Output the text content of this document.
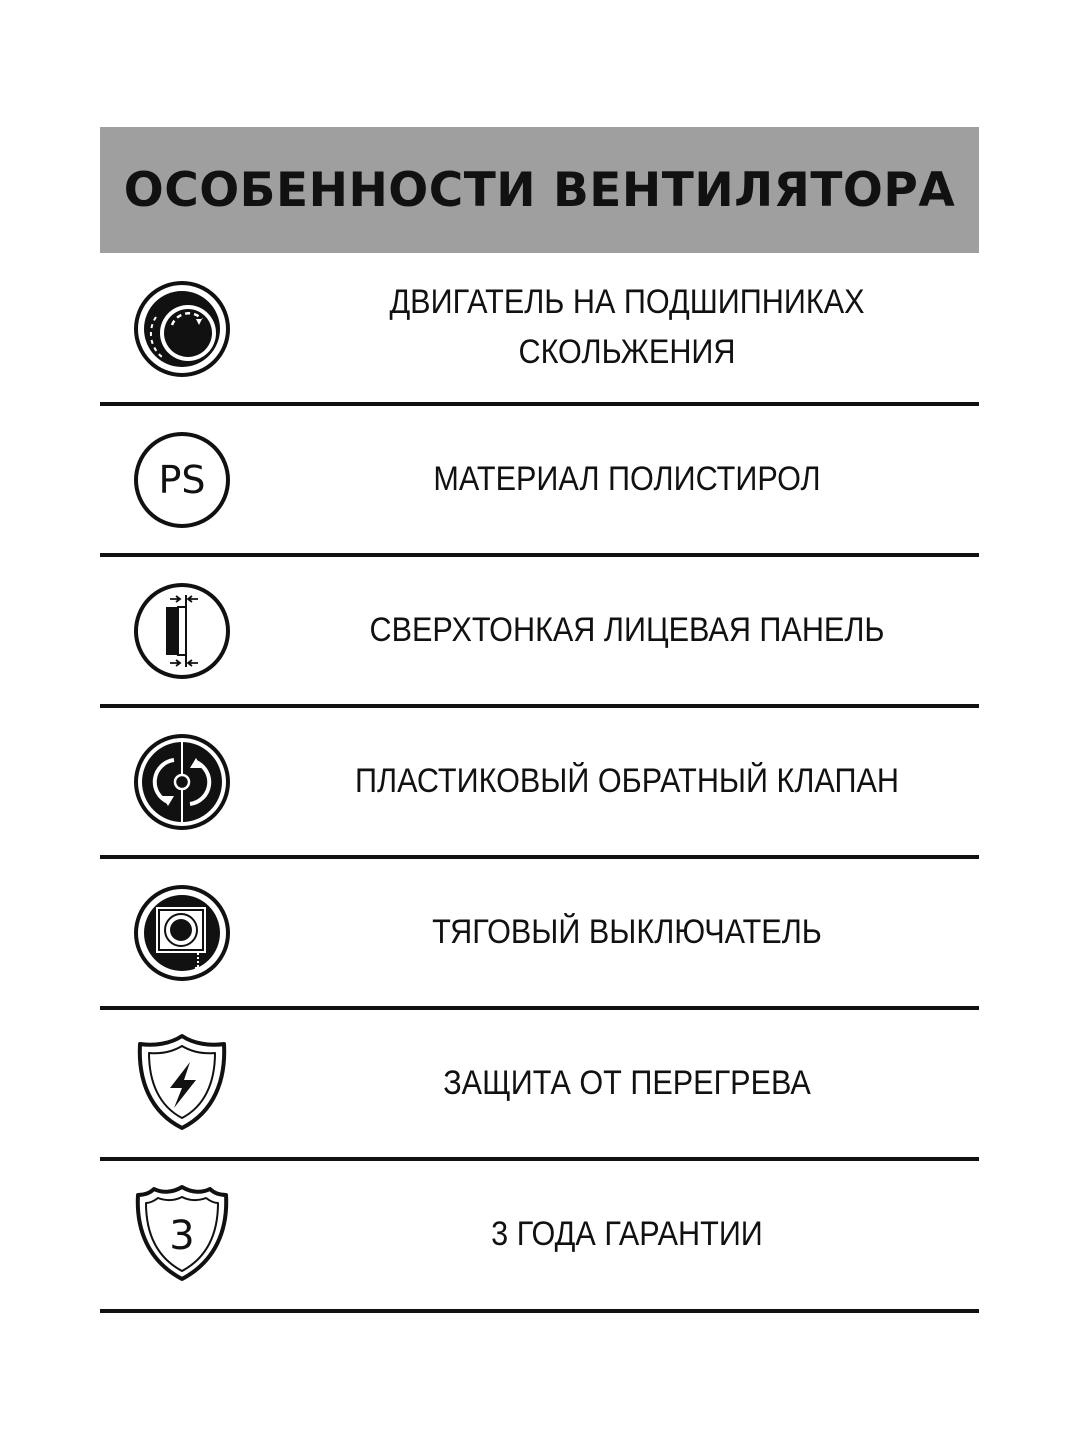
ОСОБЕННОСТИ ВЕНТИЛЯТОРА
ДВИГАТЕЛЬ НА ПОДШИПНИКАХ
СКОЛЬЖЕНИЯ
PS	МАТЕРИАЛ ПОЛИСТИРОЛ
СВЕРХТОНКАЯ ЛИЦЕВАЯ ПАНЕЛЬ
ПЛАСТИКОВЫЙ ОБРАТНЫЙ КЛАПАН
ТЯГОВЫЙ ВЫКЛЮЧАТЕЛЬ
ЗАЩИТА ОТ ПЕРЕГРЕВА
3	3 ГОДА ГАРАНТИИ
